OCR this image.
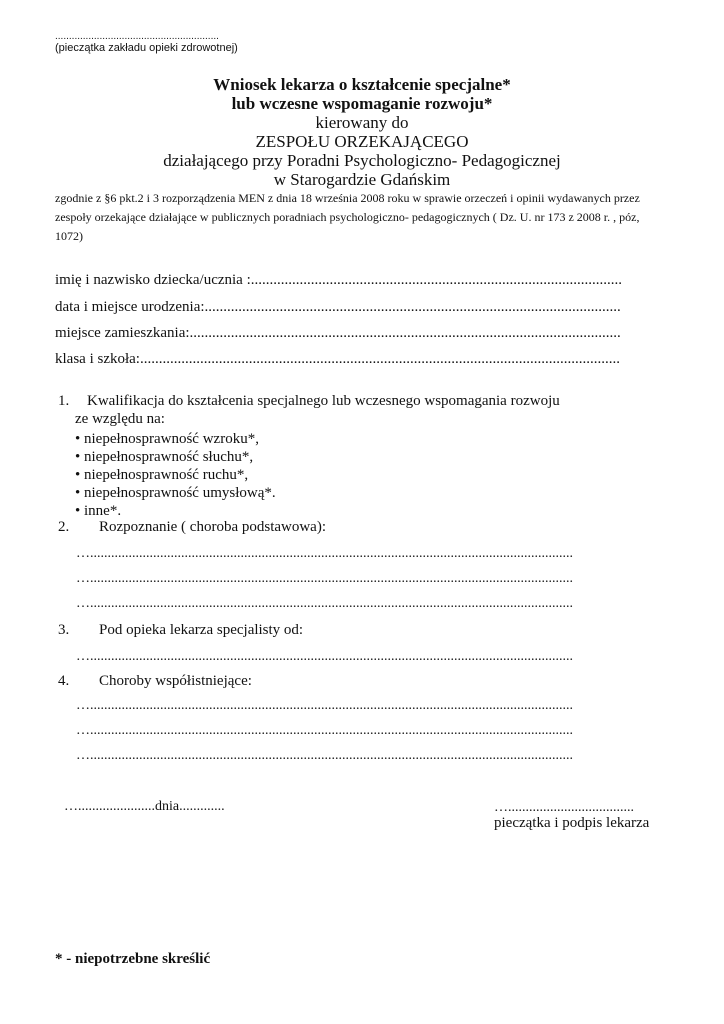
...........................................................
(pieczątka zakładu opieki zdrowotnej)
Wniosek lekarza o kształcenie specjalne*
lub wczesne wspomaganie rozwoju*
kierowany do
ZESPOŁU ORZEKAJĄCEGO
działającego przy Poradni Psychologiczno- Pedagogicznej
w Starogardzie Gdańskim
zgodnie z §6 pkt.2 i 3 rozporządzenia MEN z dnia 18 września 2008 roku w sprawie orzeczeń i opinii wydawanych przez
zespoły orzekające działające w publicznych poradniach psychologiczno- pedagogicznych ( Dz. U. nr 173 z 2008 r. , póz,
1072)
imię i nazwisko dziecka/ucznia :...................................................................................................
data i miejsce urodzenia:...............................................................................................................
miejsce zamieszkania:...................................................................................................................
klasa i szkoła:................................................................................................................................
1. Kwalifikacja do kształcenia specjalnego lub wczesnego wspomagania rozwoju
ze względu na:
• niepełnosprawność wzroku*,
• niepełnosprawność słuchu*,
• niepełnosprawność ruchu*,
• niepełnosprawność umysłową*.
• inne*.
2. Rozpoznanie ( choroba podstawowa):
…..........................................................................................................................................
…..........................................................................................................................................
…..........................................................................................................................................
3. Pod opieka lekarza specjalisty od:
…..........................................................................................................................................
4. Choroby współistniejące:
…..........................................................................................................................................
…..........................................................................................................................................
…..........................................................................................................................................
…......................dnia.............	…....................................
pieczątka i podpis lekarza
* - niepotrzebne skreślić
